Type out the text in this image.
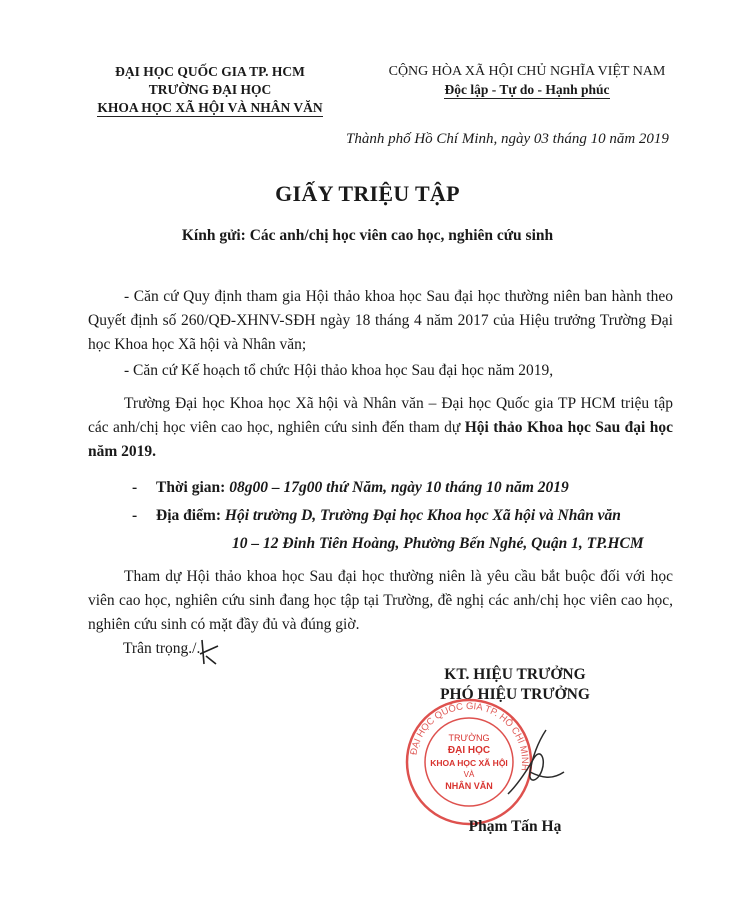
ĐẠI HỌC QUỐC GIA TP. HCM
TRƯỜNG ĐẠI HỌC
KHOA HỌC XÃ HỘI VÀ NHÂN VĂN
CỘNG HÒA XÃ HỘI CHỦ NGHĨA VIỆT NAM
Độc lập - Tự do - Hạnh phúc
Thành phố Hồ Chí Minh, ngày 03 tháng 10 năm 2019
GIẤY TRIỆU TẬP
Kính gửi: Các anh/chị học viên cao học, nghiên cứu sinh
- Căn cứ Quy định tham gia Hội thảo khoa học Sau đại học thường niên ban hành theo Quyết định số 260/QĐ-XHNV-SĐH ngày 18 tháng 4 năm 2017 của Hiệu trưởng Trường Đại học Khoa học Xã hội và Nhân văn;
- Căn cứ Kế hoạch tổ chức Hội thảo khoa học Sau đại học năm 2019,
Trường Đại học Khoa học Xã hội và Nhân văn – Đại học Quốc gia TP HCM triệu tập các anh/chị học viên cao học, nghiên cứu sinh đến tham dự Hội thảo Khoa học Sau đại học năm 2019.
- Thời gian: 08g00 – 17g00 thứ Năm, ngày 10 tháng 10 năm 2019
- Địa điểm: Hội trường D, Trường Đại học Khoa học Xã hội và Nhân văn
10 – 12 Đinh Tiên Hoàng, Phường Bến Nghé, Quận 1, TP.HCM
Tham dự Hội thảo khoa học Sau đại học thường niên là yêu cầu bắt buộc đối với học viên cao học, nghiên cứu sinh đang học tập tại Trường, đề nghị các anh/chị học viên cao học, nghiên cứu sinh có mặt đầy đủ và đúng giờ.
Trân trọng./.
KT. HIỆU TRƯỞNG
PHÓ HIỆU TRƯỞNG
ĐẠI HỌC QUỐC GIA TP. HỒ CHÍ MINH
TRƯỜNG
ĐẠI HỌC
KHOA HỌC XÃ HỘI
VÀ
NHÂN VĂN
Phạm Tấn Hạ
